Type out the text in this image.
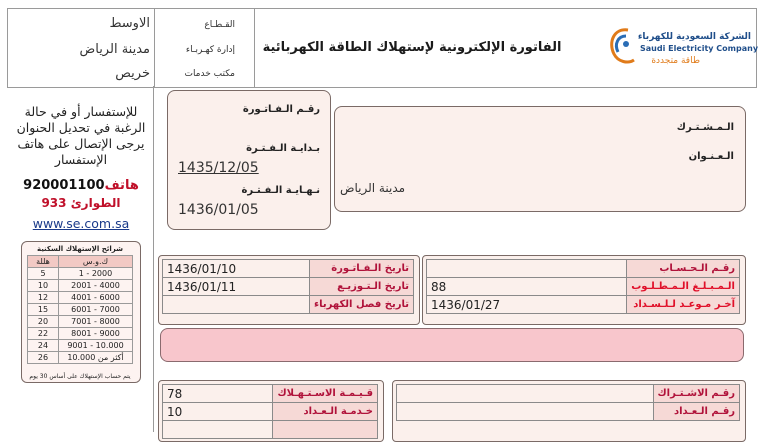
الاوسط
مدينة الرياض
خريص
القـطـاع
إدارة كهـربـاء
مكتب خدمات
الفاتورة الإلكترونية لإستهلاك الطاقة الكهربائية
الشركة السعودية للكهرباء
Saudi Electricity Company
طاقة متجددة
للإستفسار أو في حالة الرغبة في تحديل الحنوان يرجى الإتصال على هاتف الإستفسار
هاتف920001100
الطوارئ 933
www.se.com.sa
شرائح الإستهلاك السكنية
هللة	ك.و.س
5	1 - 2000
10	2001 - 4000
12	4001 - 6000
15	6001 - 7000
20	7001 - 8000
22	8001 - 9000
24	9001 - 10.000
26	أكثر من 10.000
يتم حساب الإستهلاك على أساس 30 يوم
رقـم الـفـاتـورة
بـدايـة الـفـتـرة
1435/12/05
نـهـايـة الـفـتـرة
1436/01/05
الـمـشـتـرك
الـعـنـوان
مدينة الرياض
1436/01/10	تاريخ الـفـاتـورة
1436/01/11	تاريخ الـتـوزيـع
	تاريخ فصل الكهرباء
	رقـم الـحـسـاب
88	الـمـبـلـغ الـمـطـلـوب
1436/01/27	آخـر مـوعـد لـلـسـداد
78	قـيـمـة الاسـتـهـلاك
10	خـدمـة الـعـداد

	رقـم الاشـتـراك
	رقـم الـعـداد
